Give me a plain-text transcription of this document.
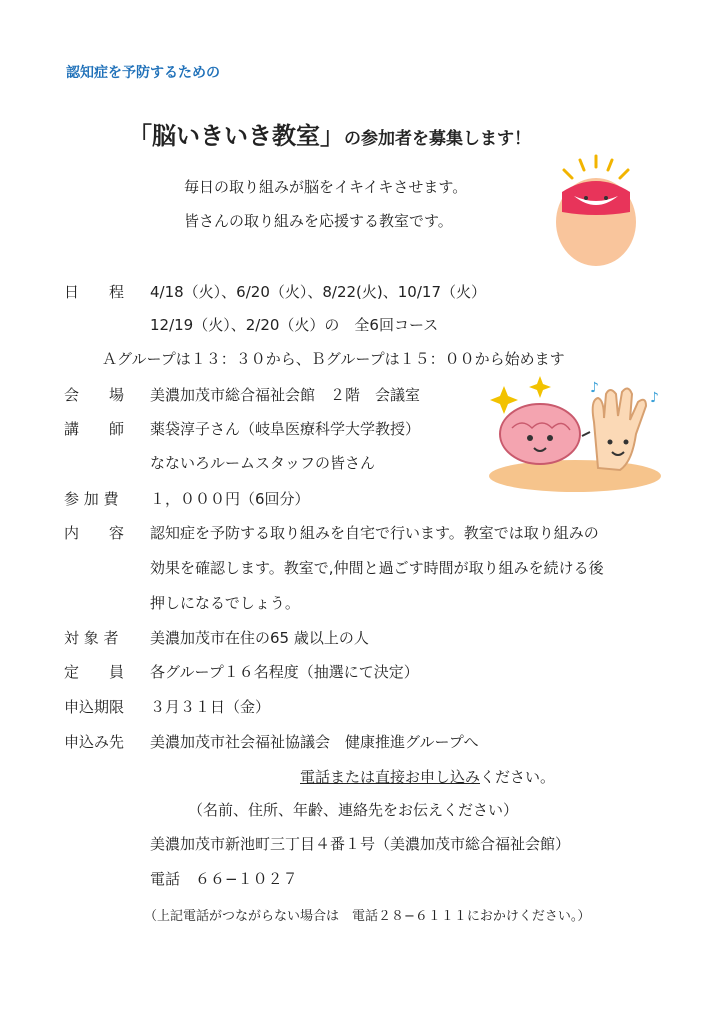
認知症を予防するための
「脳いきいき教室」の参加者を募集します！
毎日の取り組みが脳をイキイキさせます。
皆さんの取り組みを応援する教室です。
日　　程 4/18（火）、6/20（火）、8/22(火)、10/17（火）
12/19（火）、2/20（火）の　全6回コース
Ａグループは１３：３０から、Ｂグループは１５：００から始めます
会　　場 美濃加茂市総合福祉会館　２階　会議室	♪
♪
講　　師 薬袋淳子さん（岐阜医療科学大学教授）
なないろルームスタッフの皆さん
参 加 費 １，０００円（6回分）
内　　容 認知症を予防する取り組みを自宅で行います。教室では取り組みの
効果を確認します。教室で,仲間と過ごす時間が取り組みを続ける後
押しになるでしょう。
対 象 者 美濃加茂市在住の65 歳以上の人
定　　員 各グループ１６名程度（抽選にて決定）
申込期限 ３月３１日（金）
申込み先 美濃加茂市社会福祉協議会　健康推進グループへ
電話または直接お申し込みください。
（名前、住所、年齢、連絡先をお伝えください）
美濃加茂市新池町三丁目４番１号（美濃加茂市総合福祉会館）
電話　６６−１０２７
（上記電話がつながらない場合は　電話２８−６１１１におかけください。）
